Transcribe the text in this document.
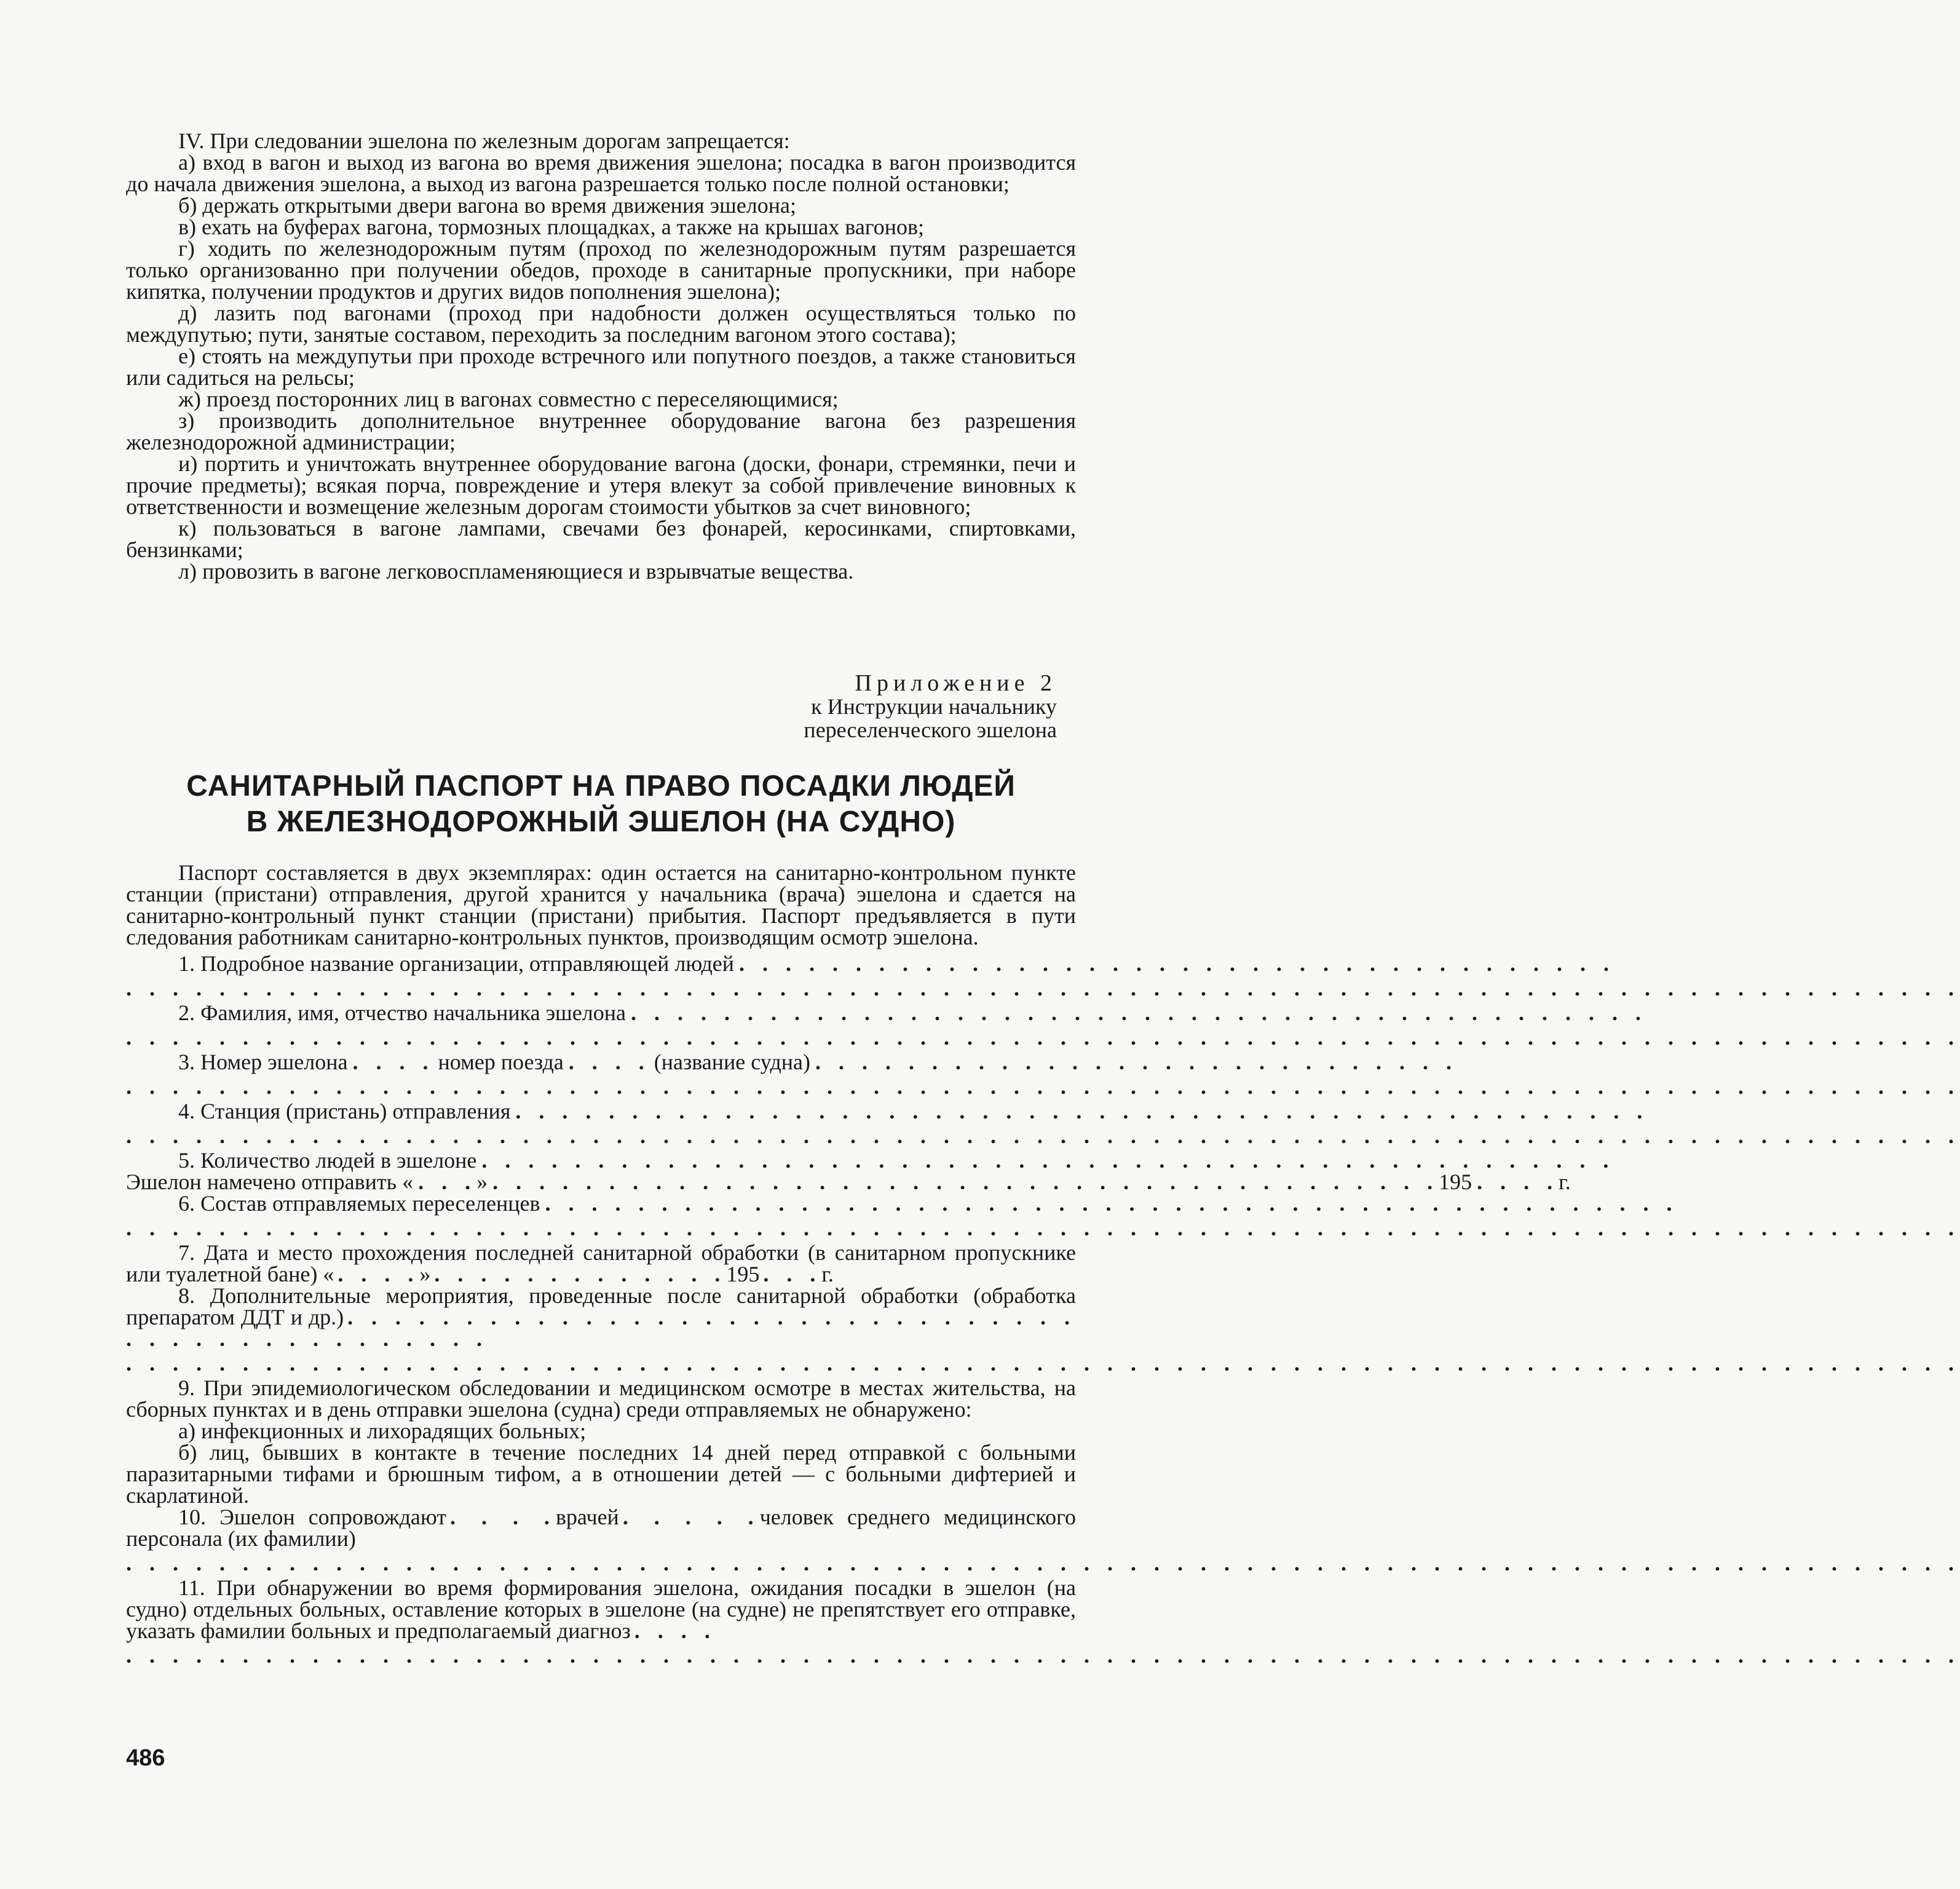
IV. При следовании эшелона по железным дорогам запрещается:

а) вход в вагон и выход из вагона во время движения эшелона; посадка в вагон производится до начала движения эшелона, а выход из вагона разрешается только после полной остановки;

б) держать открытыми двери вагона во время движения эшелона;

в) ехать на буферах вагона, тормозных площадках, а также на крышах вагонов;

г) ходить по железнодорожным путям (проход по железнодорожным путям разрешается только организованно при получении обедов, проходе в санитарные пропускники, при наборе кипятка, получении продуктов и других видов пополнения эшелона);

д) лазить под вагонами (проход при надобности должен осуществляться только по междупутью; пути, занятые составом, переходить за последним вагоном этого состава);

е) стоять на междупутьи при проходе встречного или попутного поездов, а также становиться или садиться на рельсы;

ж) проезд посторонних лиц в вагонах совместно с переселяющимися;

з) производить дополнительное внутреннее оборудование вагона без разрешения железнодорожной администрации;

и) портить и уничтожать внутреннее оборудование вагона (доски, фонари, стремянки, печи и прочие предметы); всякая порча, повреждение и утеря влекут за собой привлечение виновных к ответственности и возмещение железным дорогам стоимости убытков за счет виновного;

к) пользоваться в вагоне лампами, свечами без фонарей, керосинками, спиртовками, бензинками;

л) провозить в вагоне легковоспламеняющиеся и взрывчатые вещества.

Приложение 2
к Инструкции начальнику
переселенческого эшелона
САНИТАРНЫЙ ПАСПОРТ НА ПРАВО ПОСАДКИ ЛЮДЕЙ
В ЖЕЛЕЗНОДОРОЖНЫЙ ЭШЕЛОН (НА СУДНО)

Паспорт составляется в двух экземплярах: один остается на санитарно-контрольном пункте станции (пристани) отправления, другой хранится у начальника (врача) эшелона и сдается на санитарно-контрольный пункт станции (пристани) прибытия. Паспорт предъявляется в пути следования работникам санитарно-контрольных пунктов, производящим осмотр эшелона.

1. Подробное название организации, отправляющей людей . . . . . . . . . . . . . . . . . . . . . . . . . . . . . . . . . . . . . .
. . . . . . . . . . . . . . . . . . . . . . . . . . . . . . . . . . . . . . . . . . . . . . . . . . . . . . . . . . . . . . . . . . . . . . . . . . . . . . .
2. Фамилия, имя, отчество начальника эшелона . . . . . . . . . . . . . . . . . . . . . . . . . . . . . . . . . . . . . . . . . . . .
. . . . . . . . . . . . . . . . . . . . . . . . . . . . . . . . . . . . . . . . . . . . . . . . . . . . . . . . . . . . . . . . . . . . . . . . . . . . . . .
3. Номер эшелона . . . . номер поезда . . . . (название судна) . . . . . . . . . . . . . . . . . . . . . . . . . . . .
. . . . . . . . . . . . . . . . . . . . . . . . . . . . . . . . . . . . . . . . . . . . . . . . . . . . . . . . . . . . . . . . . . . . . . . . . . . . . . .
4. Станция (пристань) отправления . . . . . . . . . . . . . . . . . . . . . . . . . . . . . . . . . . . . . . . . . . . . . . . . .
. . . . . . . . . . . . . . . . . . . . . . . . . . . . . . . . . . . . . . . . . . . . . . . . . . . . . . . . . . . . . . . . . . . . . . . . . . . . . . .
5. Количество людей в эшелоне . . . . . . . . . . . . . . . . . . . . . . . . . . . . . . . . . . . . . . . . . . . . . . . . .
Эшелон намечено отправить « . . . » . . . . . . . . . . . . . . . . . . . . . . . . . . . . . . . . . . . . . . . . . 195 . . . . г.
6. Состав отправляемых переселенцев . . . . . . . . . . . . . . . . . . . . . . . . . . . . . . . . . . . . . . . . . . . . . . . . .
. . . . . . . . . . . . . . . . . . . . . . . . . . . . . . . . . . . . . . . . . . . . . . . . . . . . . . . . . . . . . . . . . . . . . . . . . . . . . . .

7. Дата и место прохождения последней санитарной обработки (в санитарном пропускнике или туалетной бане) « . . . .» . . . . . . . . . . . . .195 . . .г.

8. Дополнительные мероприятия, проведенные после санитарной обработки (обработка препаратом ДДТ и др.) . . . . . . . . . . . . . . . . . . . . . . . . . . . . . . . . . . . . . . . . . . . . . . .

. . . . . . . . . . . . . . . . . . . . . . . . . . . . . . . . . . . . . . . . . . . . . . . . . . . . . . . . . . . . . . . . . . . . . . . . . . . . . . .

9. При эпидемиологическом обследовании и медицинском осмотре в местах жительства, на сборных пунктах и в день отправки эшелона (судна) среди отправляемых не обнаружено:

а) инфекционных и лихорадящих больных;

б) лиц, бывших в контакте в течение последних 14 дней перед отправкой с больными паразитарными тифами и брюшным тифом, а в отношении детей — с больными дифтерией и скарлатиной.

10. Эшелон сопровождают . . . .врачей . . . . .человек среднего медицинского персонала (их фамилии)

. . . . . . . . . . . . . . . . . . . . . . . . . . . . . . . . . . . . . . . . . . . . . . . . . . . . . . . . . . . . . . . . . . . . . . . . . . . . . . .

11. При обнаружении во время формирования эшелона, ожидания посадки в эшелон (на судно) отдельных больных, оставление которых в эшелоне (на судне) не препятствует его отправке, указать фамилии больных и предполагаемый диагноз . . . .

. . . . . . . . . . . . . . . . . . . . . . . . . . . . . . . . . . . . . . . . . . . . . . . . . . . . . . . . . . . . . . . . . . . . . . . . . . . . . . .
486
